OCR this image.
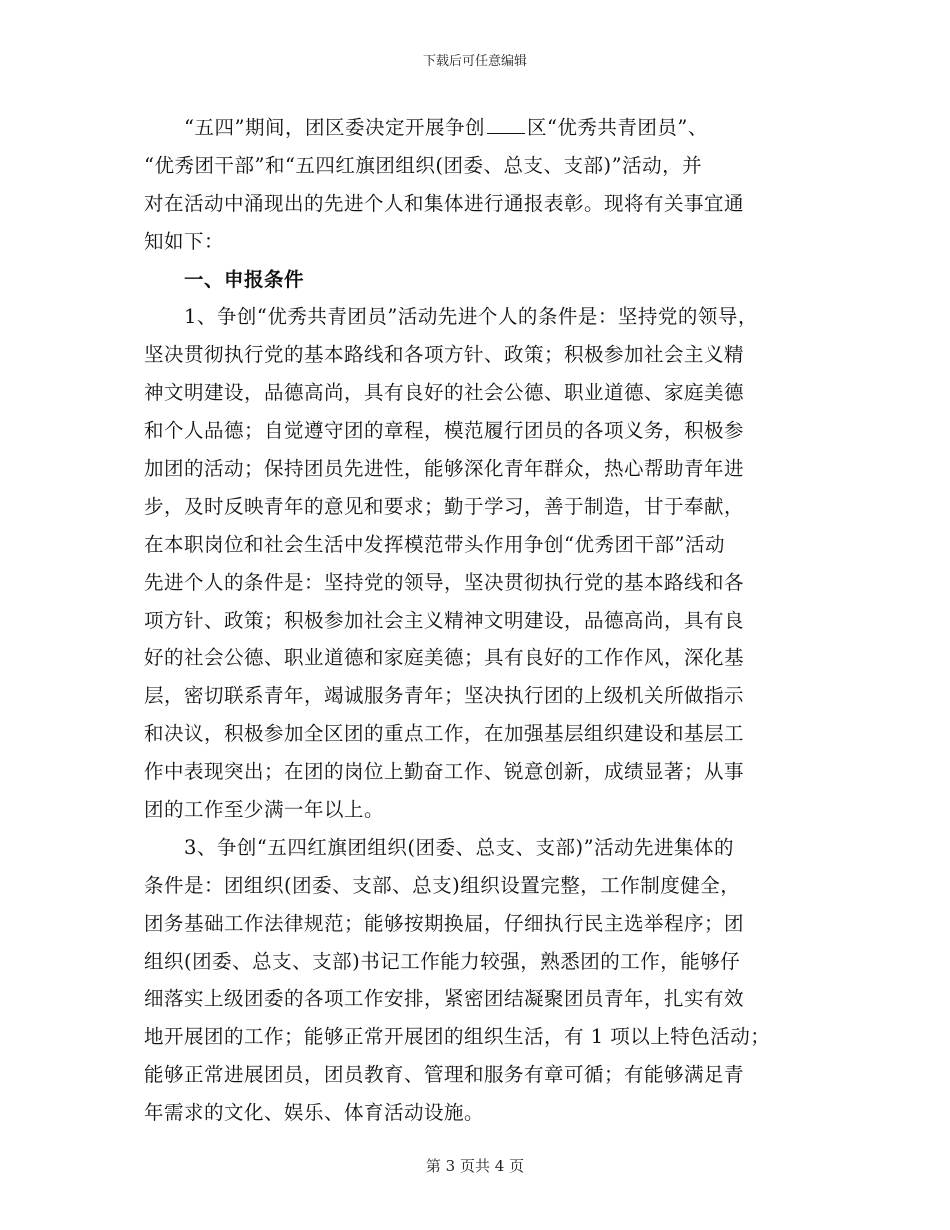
下载后可任意编辑
“五四”期间，团区委决定开展争创 区“优秀共青团员”、
“优秀团干部”和“五四红旗团组织(团委、总支、支部)”活动，并
对在活动中涌现出的先进个人和集体进行通报表彰。现将有关事宜通
知如下：
一、申报条件
1、争创“优秀共青团员”活动先进个人的条件是：坚持党的领导，
坚决贯彻执行党的基本路线和各项方针、政策；积极参加社会主义精
神文明建设，品德高尚，具有良好的社会公德、职业道德、家庭美德
和个人品德；自觉遵守团的章程，模范履行团员的各项义务，积极参
加团的活动；保持团员先进性，能够深化青年群众，热心帮助青年进
步，及时反映青年的意见和要求；勤于学习，善于制造，甘于奉献，
在本职岗位和社会生活中发挥模范带头作用争创“优秀团干部”活动
先进个人的条件是：坚持党的领导，坚决贯彻执行党的基本路线和各
项方针、政策；积极参加社会主义精神文明建设，品德高尚，具有良
好的社会公德、职业道德和家庭美德；具有良好的工作作风，深化基
层，密切联系青年，竭诚服务青年；坚决执行团的上级机关所做指示
和决议，积极参加全区团的重点工作，在加强基层组织建设和基层工
作中表现突出；在团的岗位上勤奋工作、锐意创新，成绩显著；从事
团的工作至少满一年以上。
3、争创“五四红旗团组织(团委、总支、支部)”活动先进集体的
条件是：团组织(团委、支部、总支)组织设置完整，工作制度健全，
团务基础工作法律规范；能够按期换届，仔细执行民主选举程序；团
组织(团委、总支、支部)书记工作能力较强，熟悉团的工作，能够仔
细落实上级团委的各项工作安排，紧密团结凝聚团员青年，扎实有效
地开展团的工作；能够正常开展团的组织生活，有 1 项以上特色活动；
能够正常进展团员，团员教育、管理和服务有章可循；有能够满足青
年需求的文化、娱乐、体育活动设施。
第 3 页共 4 页
